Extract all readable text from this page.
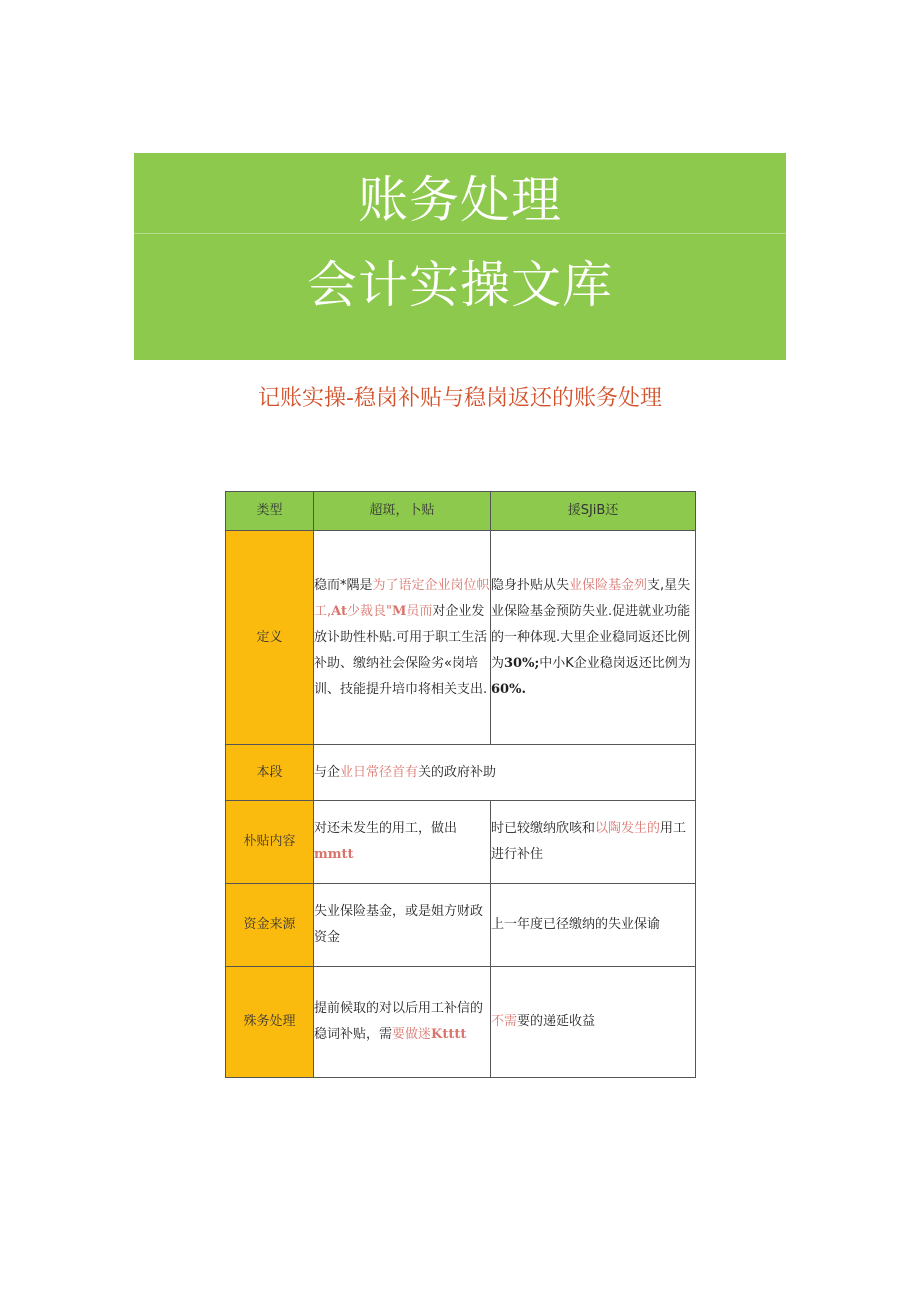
账务处理
会计实操文库
记账实操-稳岗补贴与稳岗返还的账务处理
类型	超斑，卜贴	援SJiB还
定义	稳而*隅是为了语定企业岗位帜工,At少裁良"M员而对企业发放讣助性朴贴.可用于职工生活补助、缴纳社会保险劣«岗培训、技能提升培巾将相关支出.	隐身扑贴从失业保险基金列支,星失业保险基金预防失业.促进就业功能的一种体现.大里企业稳同返还比例为30%;中小K企业稳岗返还比例为60%.
本段	与企业日常径首有关的政府补助	
朴贴内容	对还未发生的用工，做出mmtt	时已较缴纳欣咳和以陶发生的用工进行补住
资金来源	失业保险基金，或是姐方财政资金	上一年度已径缴纳的失业保谕
殊务处理	提前候取的对以后用工补信的稳词补贴，需要做迷Ktttt	不需要的递延收益
